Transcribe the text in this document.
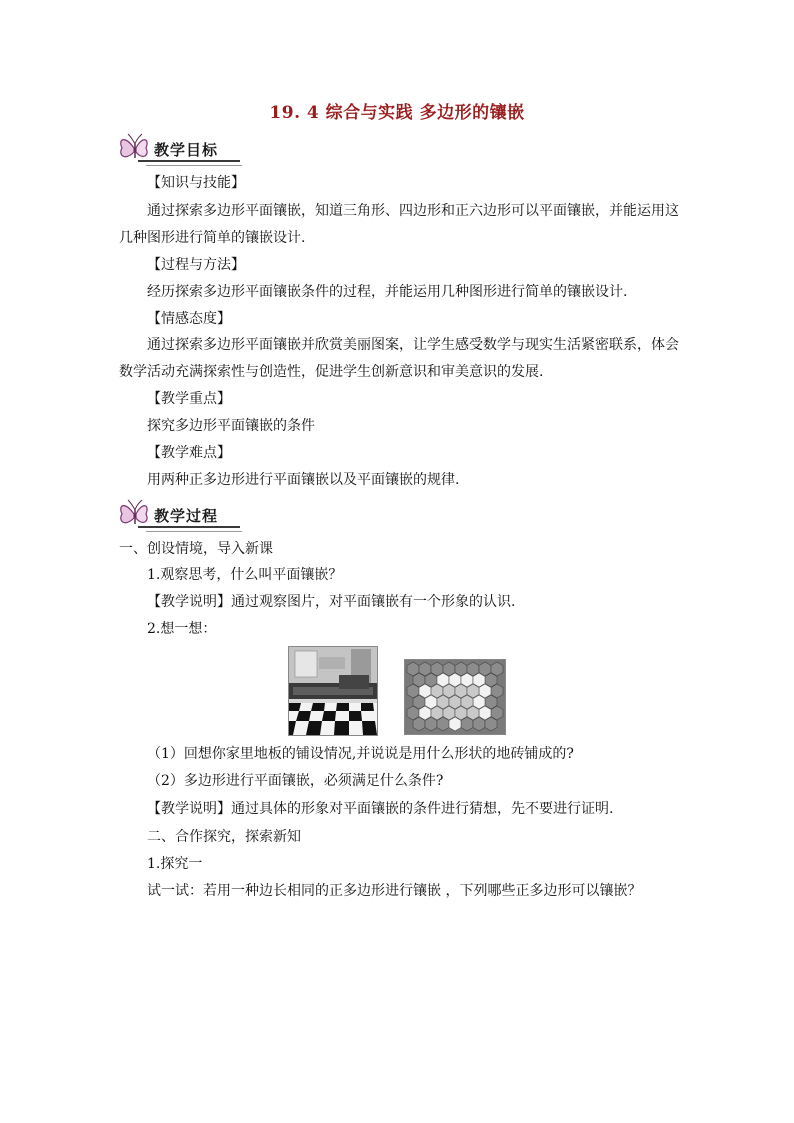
19. 4 综合与实践 多边形的镶嵌
教学目标
【知识与技能】
通过探索多边形平面镶嵌，知道三角形、四边形和正六边形可以平面镶嵌，并能运用这
几种图形进行简单的镶嵌设计.
【过程与方法】
经历探索多边形平面镶嵌条件的过程，并能运用几种图形进行简单的镶嵌设计.
【情感态度】
通过探索多边形平面镶嵌并欣赏美丽图案，让学生感受数学与现实生活紧密联系，体会
数学活动充满探索性与创造性，促进学生创新意识和审美意识的发展.
【教学重点】
探究多边形平面镶嵌的条件
【教学难点】
用两种正多边形进行平面镶嵌以及平面镶嵌的规律.
教学过程
一、创设情境，导入新课
1.观察思考，什么叫平面镶嵌？
【教学说明】通过观察图片，对平面镶嵌有一个形象的认识.
2.想一想：
（1）回想你家里地板的铺设情况,并说说是用什么形状的地砖铺成的?
（2）多边形进行平面镶嵌，必须满足什么条件?
【教学说明】通过具体的形象对平面镶嵌的条件进行猜想，先不要进行证明.
二、合作探究，探索新知
1.探究一
试一试：若用一种边长相同的正多边形进行镶嵌 ，下列哪些正多边形可以镶嵌？
